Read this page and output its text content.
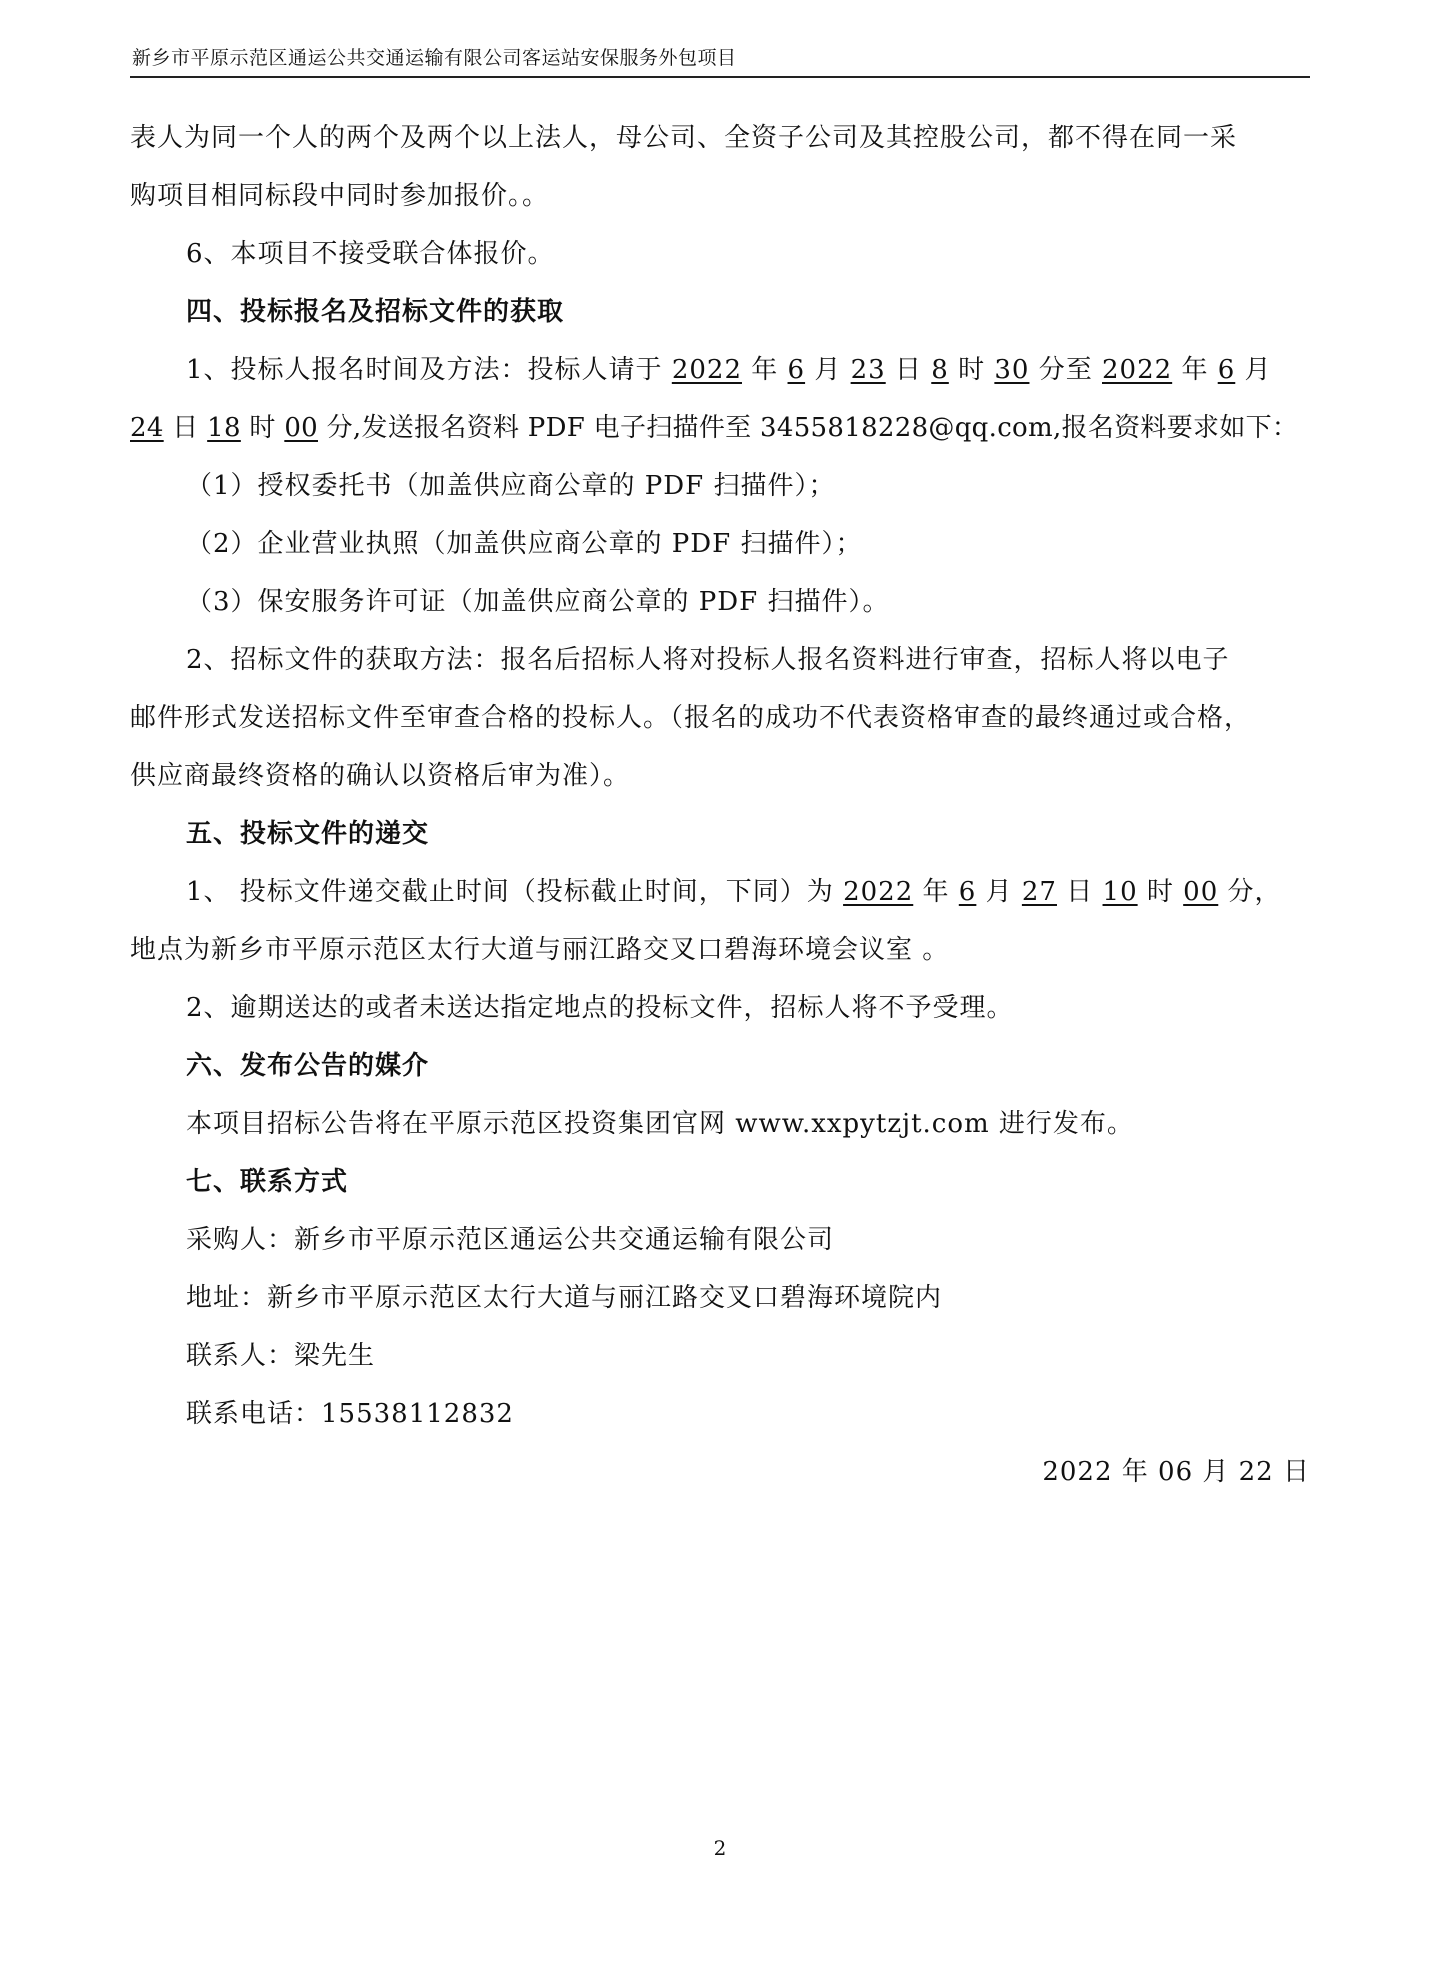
新乡市平原示范区通运公共交通运输有限公司客运站安保服务外包项目
表人为同一个人的两个及两个以上法人，母公司、全资子公司及其控股公司，都不得在同一采
购项目相同标段中同时参加报价。。
6、本项目不接受联合体报价。
四、投标报名及招标文件的获取
1、投标人报名时间及方法：投标人请于 2022 年 6 月 23 日 8 时 30 分至 2022 年 6 月
24 日 18 时 00 分,发送报名资料 PDF 电子扫描件至 3455818228@qq.com,报名资料要求如下：
（1）授权委托书（加盖供应商公章的 PDF 扫描件）；
（2）企业营业执照（加盖供应商公章的 PDF 扫描件）；
（3）保安服务许可证（加盖供应商公章的 PDF 扫描件）。
2、招标文件的获取方法：报名后招标人将对投标人报名资料进行审查，招标人将以电子
邮件形式发送招标文件至审查合格的投标人。（报名的成功不代表资格审查的最终通过或合格，
供应商最终资格的确认以资格后审为准）。
五、投标文件的递交
1、 投标文件递交截止时间（投标截止时间，下同）为 2022 年 6 月 27 日 10 时 00 分，
地点为新乡市平原示范区太行大道与丽江路交叉口碧海环境会议室 。
2、逾期送达的或者未送达指定地点的投标文件，招标人将不予受理。
六、发布公告的媒介
本项目招标公告将在平原示范区投资集团官网 www.xxpytzjt.com 进行发布。
七、联系方式
采购人：新乡市平原示范区通运公共交通运输有限公司
地址：新乡市平原示范区太行大道与丽江路交叉口碧海环境院内
联系人：梁先生
联系电话：15538112832
2022 年 06 月 22 日
2
